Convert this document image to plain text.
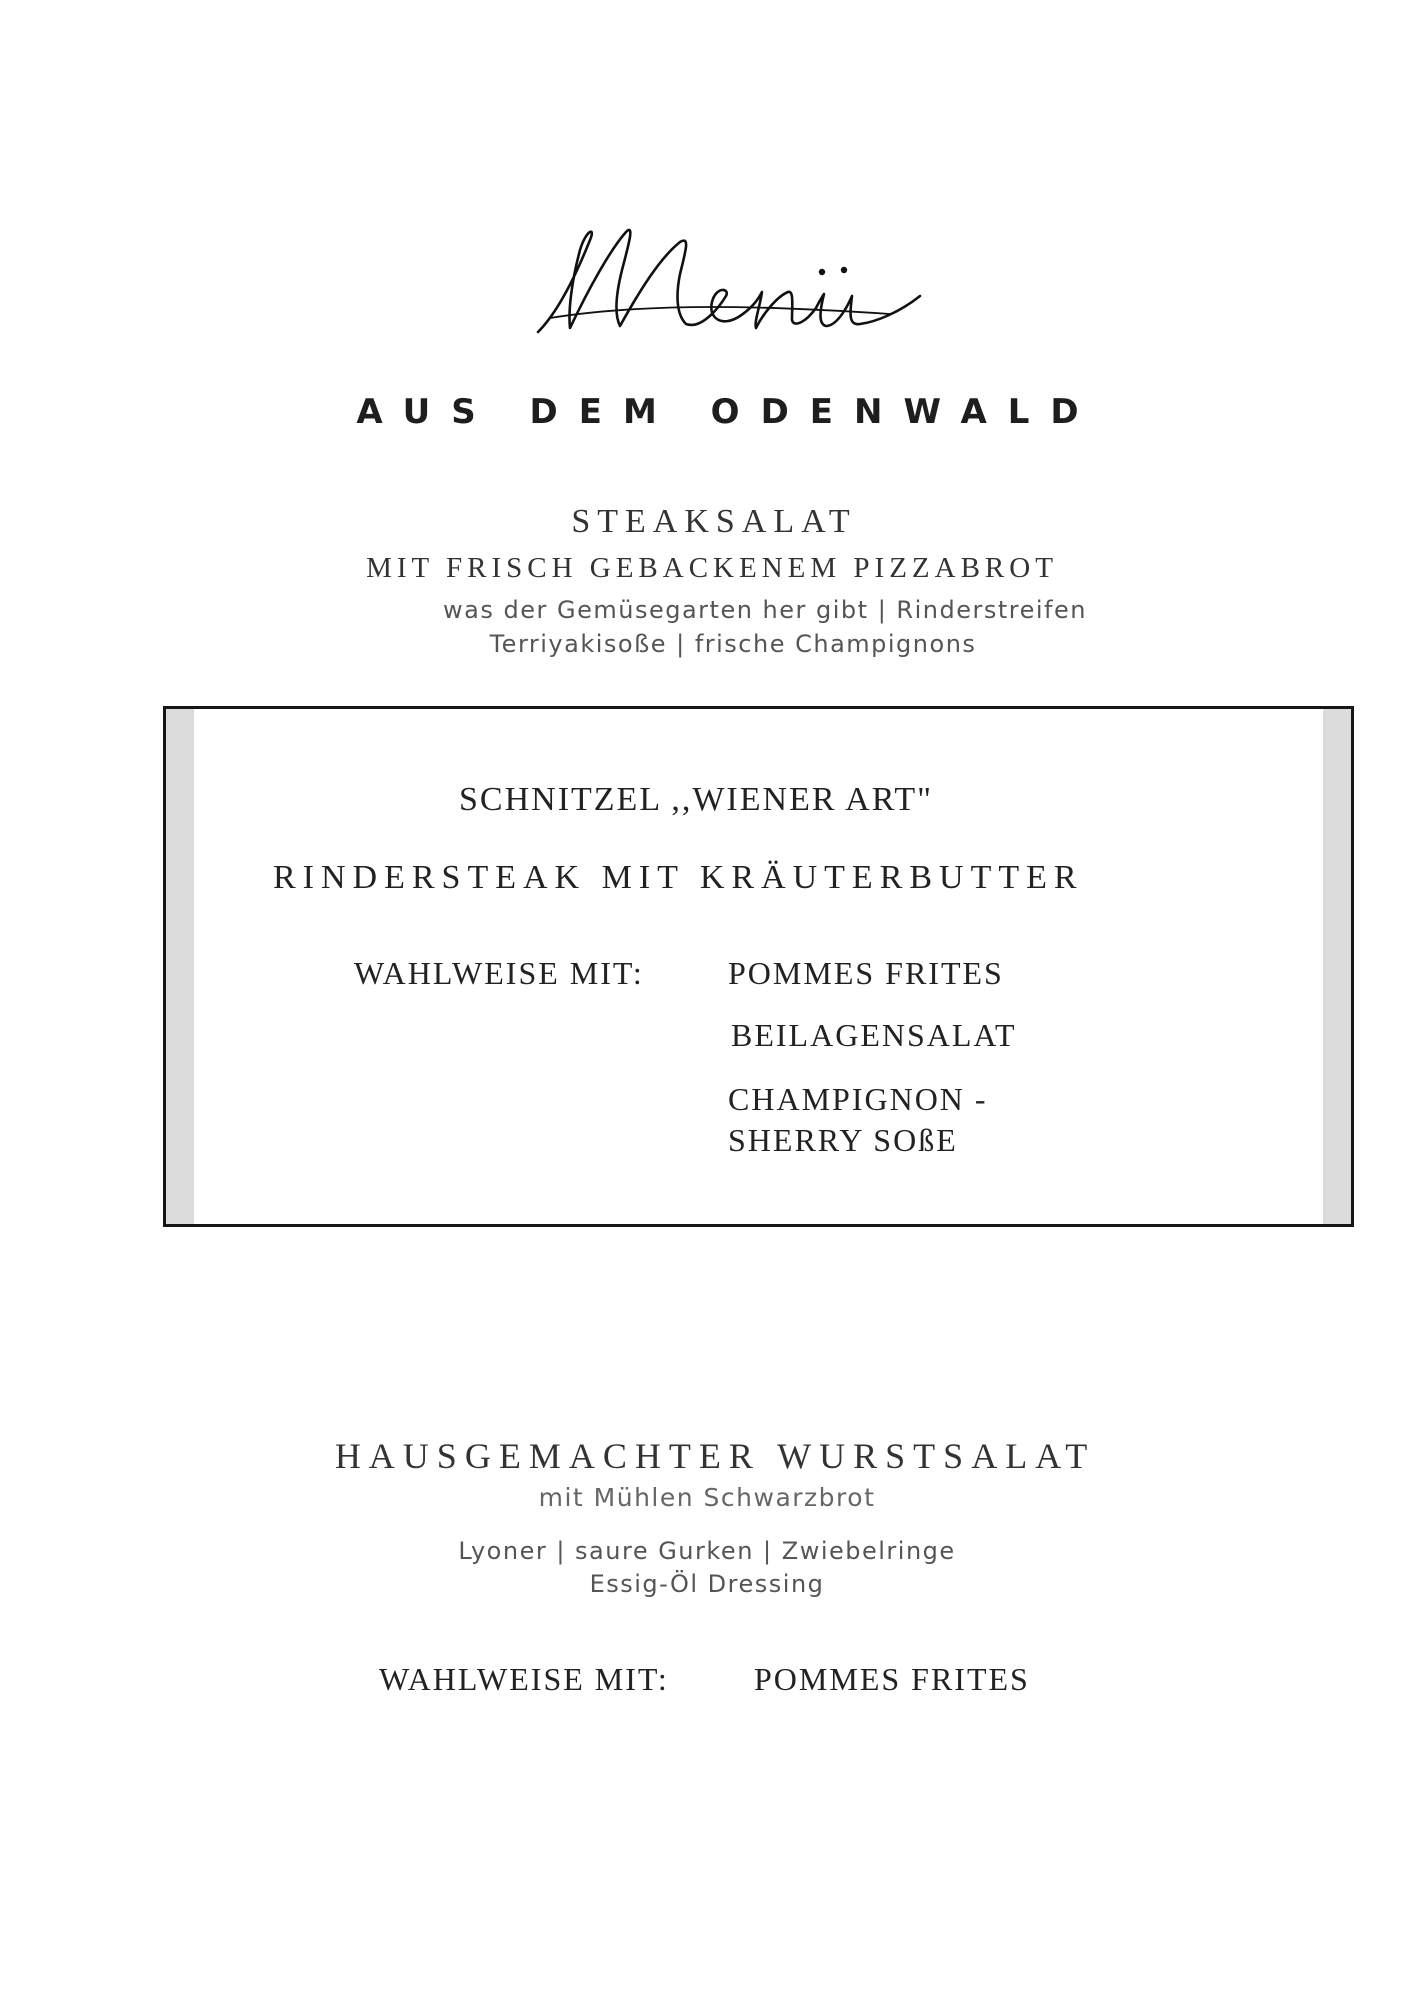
AUS DEM ODENWALD
STEAKSALAT
MIT FRISCH GEBACKENEM PIZZABROT
was der Gemüsegarten her gibt | Rinderstreifen
Terriyakisoße | frische Champignons
SCHNITZEL ,,WIENER ART"
RINDERSTEAK MIT KRÄUTERBUTTER
WAHLWEISE MIT:	POMMES FRITES
BEILAGENSALAT
CHAMPIGNON -
SHERRY SOßE
HAUSGEMACHTER WURSTSALAT
mit Mühlen Schwarzbrot
Lyoner | saure Gurken | Zwiebelringe
Essig-Öl Dressing
WAHLWEISE MIT:	POMMES FRITES
